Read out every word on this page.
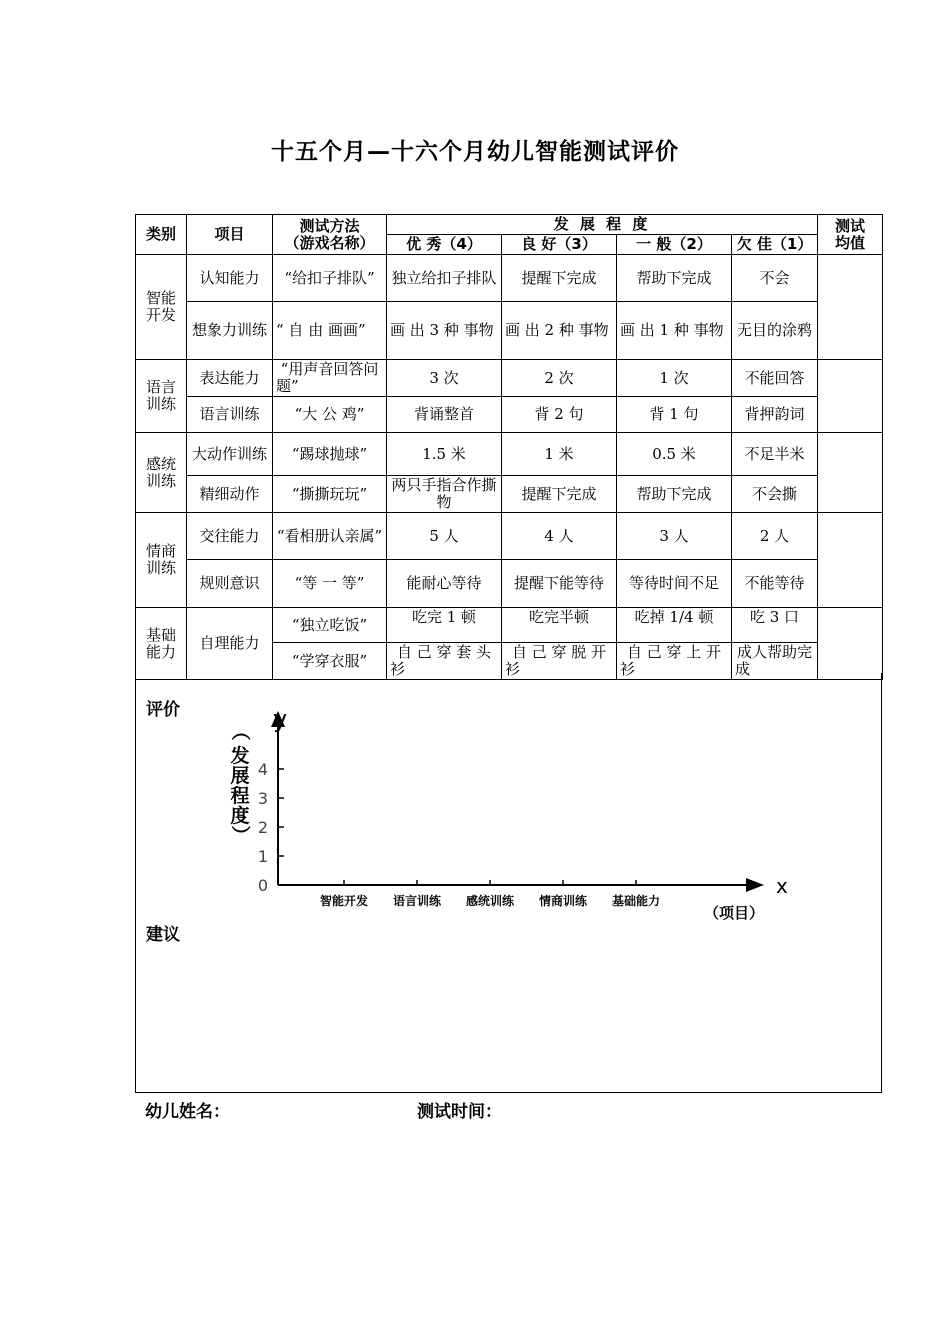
十五个月—十六个月幼儿智能测试评价
类别	项目	测试方法
（游戏名称）	发 展 程 度				测试
均值
			优 秀（4）	良 好（3）	一 般（2）	欠 佳（1）	
智能开发	认知能力	“给扣子排队”	独立给扣子排队	提醒下完成	帮助下完成	不会	
	想象力训练	“ 自 由 画画”	画 出 3 种 事物	画 出 2 种 事物	画 出 1 种 事物	无目的涂鸦	
语言训练	表达能力	“用声音回答问题”	3 次	2 次	1 次	不能回答	
	语言训练	“大 公 鸡”	背诵整首	背 2 句	背 1 句	背押韵词	
感统训练	大动作训练	“踢球抛球”	1.5 米	1 米	0.5 米	不足半米	
	精细动作	“撕撕玩玩”	两只手指合作撕物	提醒下完成	帮助下完成	不会撕	
情商训练	交往能力	“看相册认亲属”	5 人	4 人	3 人	2 人	
	规则意识	“等 一 等”	能耐心等待	提醒下能等待	等待时间不足	不能等待	
基础能力	自理能力	“独立吃饭”	吃完 1 顿	吃完半顿	吃掉 1/4 顿	吃 3 口	
		“学穿衣服”	自 己 穿 套 头衫	自 己 穿 脱 开衫	自 己 穿 上 开衫	成人帮助完成	
评价	y
x
（项目）
（
发
展
程
度
）
0
1
2
3
4
智能开发 语言训练 感统训练 情商训练 基础能力
建议
幼儿姓名：	测试时间：
